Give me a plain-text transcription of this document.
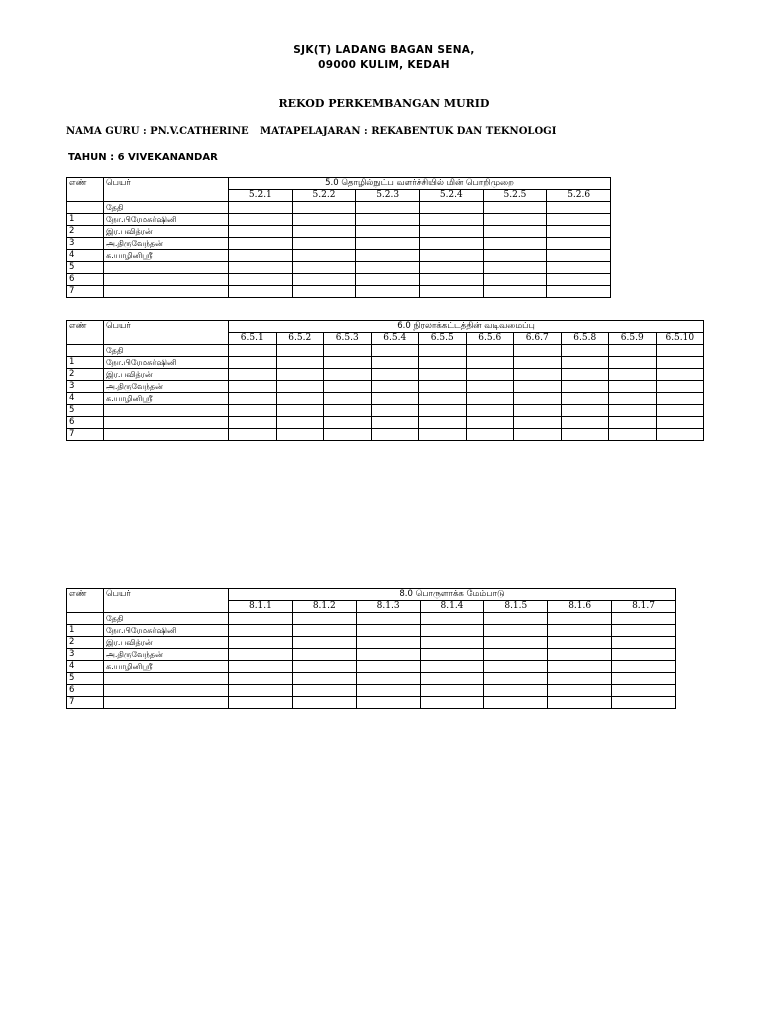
SJK(T) LADANG BAGAN SENA,
09000 KULIM, KEDAH
REKOD PERKEMBANGAN MURID
NAMA GURU : PN.V.CATHERINE MATAPELAJARAN : REKABENTUK DAN TEKNOLOGI
TAHUN : 6 VIVEKANANDAR
எண்	பெயர்	5.0 தொழில்நுட்ப வளர்ச்சியில் மின் பொறிமுறை					
		5.2.1	5.2.2	5.2.3	5.2.4	5.2.5	5.2.6
	தேதி						
1	நோ.பிரேமசுர்ஷினி						
2	இர.பவித்ரன்						
3	அ.திருவேந்தன்						
4	க.யாழினிஸ்ரீ						
5							
6							
7							
எண்	பெயர்	6.0 நிரலாக்கட்டத்தின் வடிவமைப்பு									
		6.5.1	6.5.2	6.5.3	6.5.4	6.5.5	6.5.6	6.6.7	6.5.8	6.5.9	6.5.10
	தேதி										
1	நோ.பிரேமசுர்ஷினி										
2	இர.பவித்ரன்										
3	அ.திருவேந்தன்										
4	க.யாழினிஸ்ரீ										
5											
6											
7											
எண்	பெயர்	8.0 பொருளாக்க மேம்பாடு						
		8.1.1	8.1.2	8.1.3	8.1.4	8.1.5	8.1.6	8.1.7
	தேதி							
1	நோ.பிரேமசுர்ஷினி							
2	இர.பவித்ரன்							
3	அ.திருவேந்தன்							
4	க.யாழினிஸ்ரீ							
5								
6								
7								
